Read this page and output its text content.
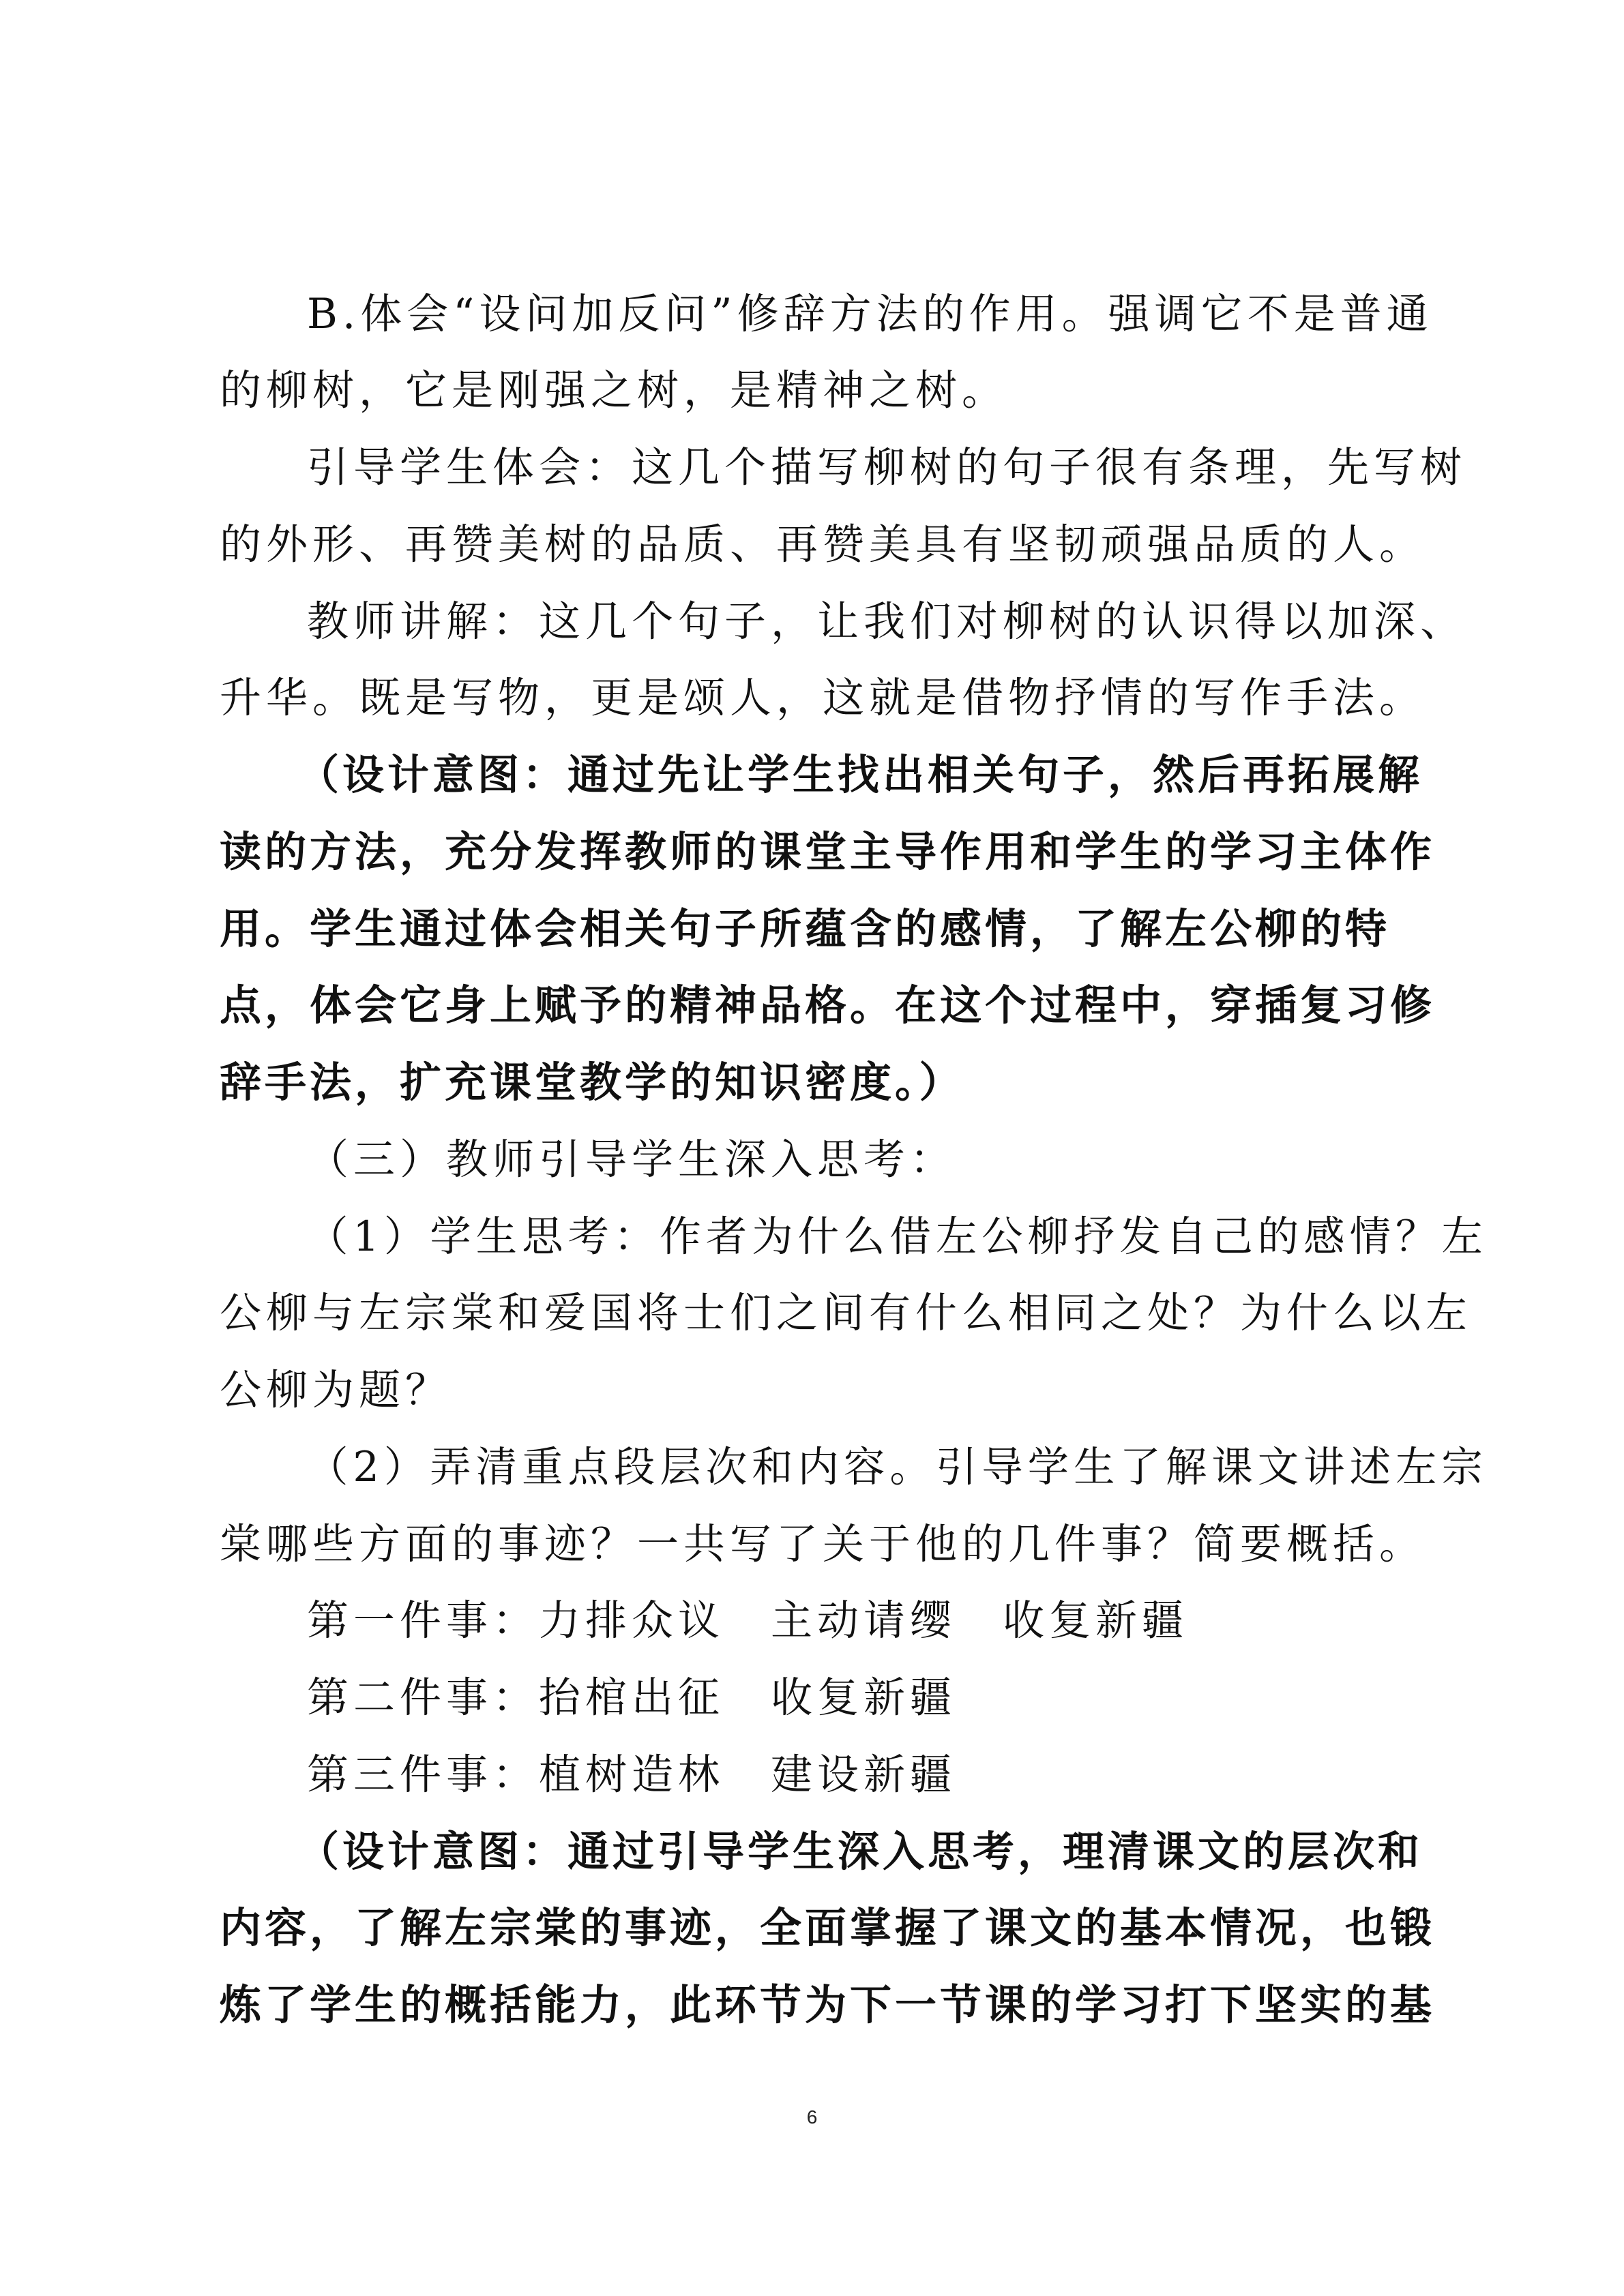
B.体会“设问加反问”修辞方法的作用。强调它不是普通
的柳树，它是刚强之树，是精神之树。
引导学生体会：这几个描写柳树的句子很有条理，先写树
的外形、再赞美树的品质、再赞美具有坚韧顽强品质的人。
教师讲解：这几个句子，让我们对柳树的认识得以加深、
升华。既是写物，更是颂人，这就是借物抒情的写作手法。
（设计意图：通过先让学生找出相关句子，然后再拓展解
读的方法，充分发挥教师的课堂主导作用和学生的学习主体作
用。学生通过体会相关句子所蕴含的感情，了解左公柳的特
点，体会它身上赋予的精神品格。在这个过程中，穿插复习修
辞手法，扩充课堂教学的知识密度。）
（三）教师引导学生深入思考：
（1）学生思考：作者为什么借左公柳抒发自己的感情？左
公柳与左宗棠和爱国将士们之间有什么相同之处？为什么以左
公柳为题？
（2）弄清重点段层次和内容。引导学生了解课文讲述左宗
棠哪些方面的事迹？一共写了关于他的几件事？简要概括。
第一件事：力排众议　主动请缨　收复新疆
第二件事：抬棺出征　收复新疆
第三件事：植树造林　建设新疆
（设计意图：通过引导学生深入思考，理清课文的层次和
内容，了解左宗棠的事迹，全面掌握了课文的基本情况，也锻
炼了学生的概括能力，此环节为下一节课的学习打下坚实的基
6
